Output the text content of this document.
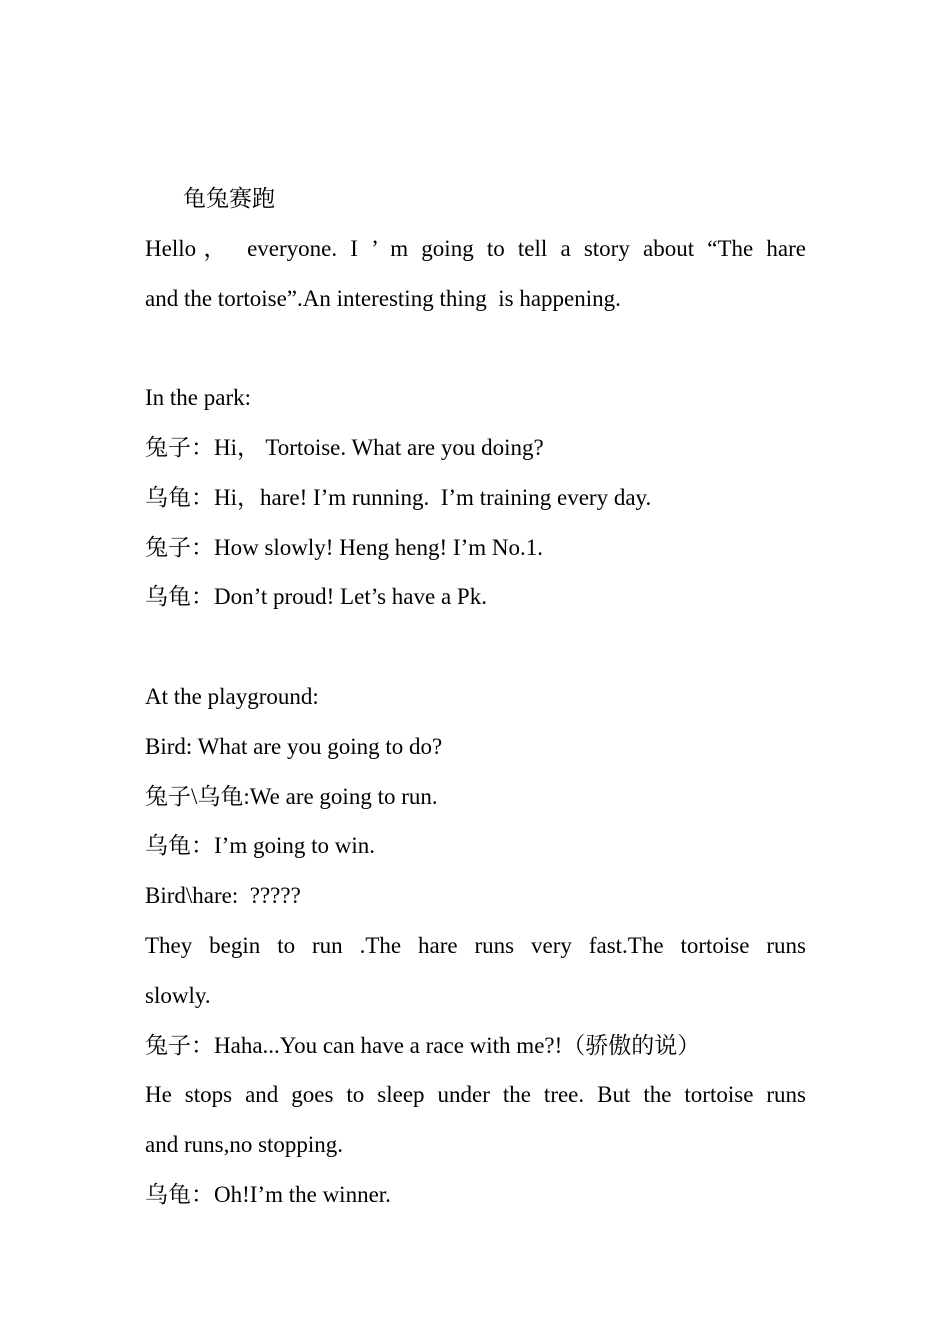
龟兔赛跑
Hello， everyone. I ’ m going to tell a story about “The hare
and the tortoise”.An interesting thing  is happening.
In the park:
兔子：Hi， Tortoise. What are you doing?
乌龟：Hi，hare! I’m running.  I’m training every day.
兔子：How slowly! Heng heng! I’m No.1.
乌龟：Don’t proud! Let’s have a Pk.
At the playground:
Bird: What are you going to do?
兔子\乌龟:We are going to run.
乌龟：I’m going to win.
Bird\hare:  ?????
They begin to run .The hare runs very fast.The tortoise runs
slowly.
兔子：Haha...You can have a race with me?!（骄傲的说）
He stops and goes to sleep under the tree. But the tortoise runs
and runs,no stopping.
乌龟：Oh!I’m the winner.
